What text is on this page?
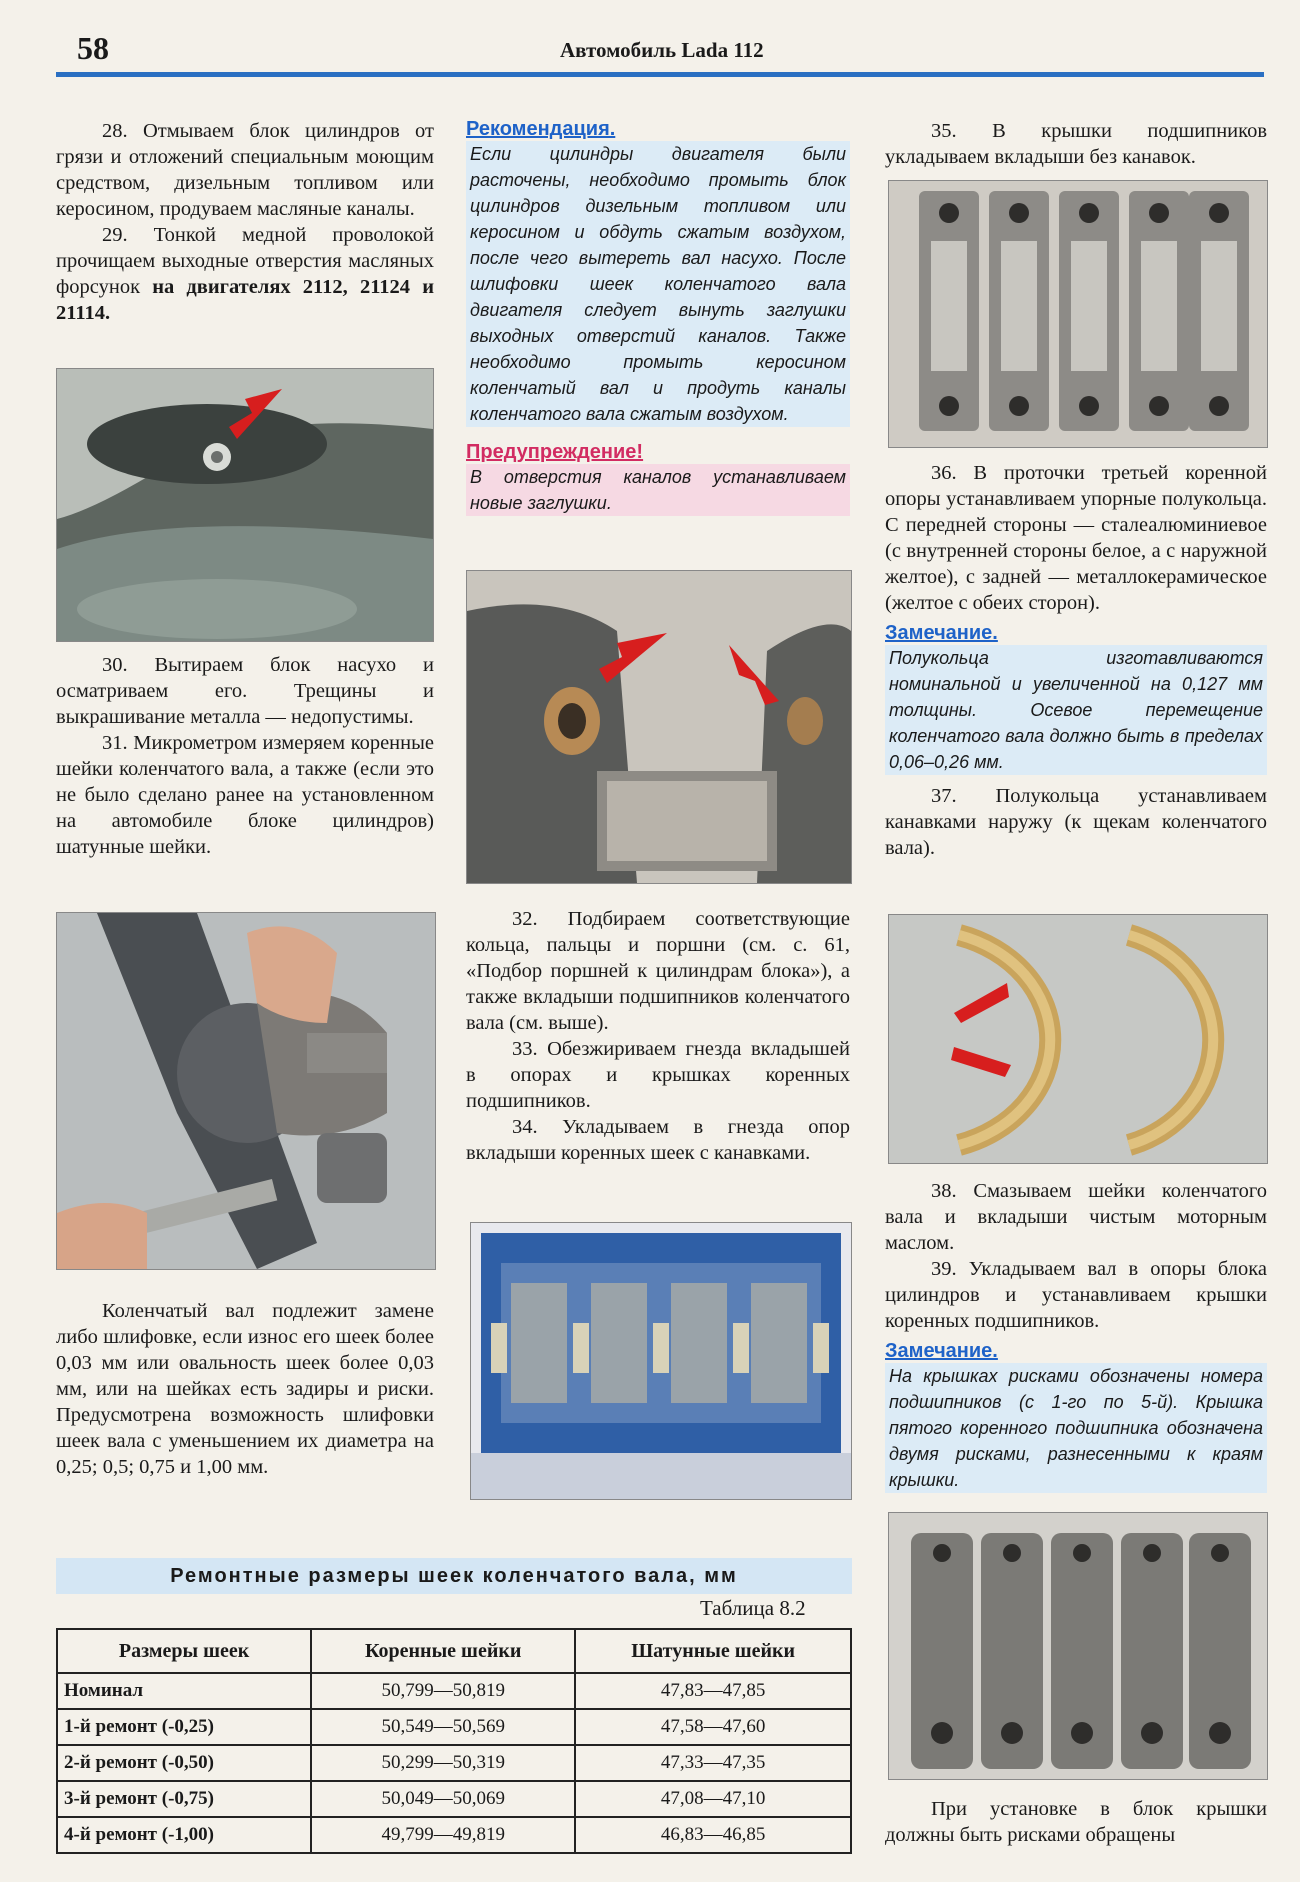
58	Автомобиль Lada 112

28. Отмываем блок цилиндров от грязи и отложений специальным моющим средством, дизельным топливом или керосином, продуваем масляные каналы.

29. Тонкой медной проволокой прочищаем выходные отверстия масляных форсунок на двигателях 2112, 21124 и 21114.

30. Вытираем блок насухо и осматриваем его. Трещины и выкрашивание металла — недопустимы.

31. Микрометром измеряем коренные шейки коленчатого вала, а также (если это не было сделано ранее на установленном на автомобиле блоке цилиндров) шатунные шейки.

Коленчатый вал подлежит замене либо шлифовке, если износ его шеек более 0,03 мм или овальность шеек более 0,03 мм, или на шейках есть задиры и риски. Предусмотрена возможность шлифовки шеек вала с уменьшением их диаметра на 0,25; 0,5; 0,75 и 1,00 мм.

Рекомендация.

Если цилиндры двигателя были расточены, необходимо промыть блок цилиндров дизельным топливом или керосином и обдуть сжатым воздухом, после чего вытереть вал насухо. После шлифовки шеек коленчатого вала двигателя следует вынуть заглушки выходных отверстий каналов. Также необходимо промыть керосином коленчатый вал и продуть каналы коленчатого вала сжатым воздухом.

Предупреждение!

В отверстия каналов устанавливаем новые заглушки.

32. Подбираем соответствующие кольца, пальцы и поршни (см. с. 61, «Подбор поршней к цилиндрам блока»), а также вкладыши подшипников коленчатого вала (см. выше).

33. Обезжириваем гнезда вкладышей в опорах и крышках коренных подшипников.

34. Укладываем в гнезда опор вкладыши коренных шеек с канавками.

35. В крышки подшипников укладываем вкладыши без канавок.

36. В проточки третьей коренной опоры устанавливаем упорные полукольца. С передней стороны — сталеалюминиевое (с внутренней стороны белое, а с наружной желтое), с задней — металлокерамическое (желтое с обеих сторон).

Замечание.

Полукольца изготавливаются номинальной и увеличенной на 0,127 мм толщины. Осевое перемещение коленчатого вала должно быть в пределах 0,06–0,26 мм.

37. Полукольца устанавливаем канавками наружу (к щекам коленчатого вала).

38. Смазываем шейки коленчатого вала и вкладыши чистым моторным маслом.

39. Укладываем вал в опоры блока цилиндров и устанавливаем крышки коренных подшипников.

Замечание.

На крышках рисками обозначены номера подшипников (с 1-го по 5-й). Крышка пятого коренного подшипника обозначена двумя рисками, разнесенными к краям крышки.

При установке в блок крышки должны быть рисками обращены

Ремонтные размеры шеек коленчатого вала, мм
Таблица 8.2
Размеры шеек	Коренные шейки	Шатунные шейки
Номинал	50,799—50,819	47,83—47,85
1-й ремонт (-0,25)	50,549—50,569	47,58—47,60
2-й ремонт (-0,50)	50,299—50,319	47,33—47,35
3-й ремонт (-0,75)	50,049—50,069	47,08—47,10
4-й ремонт (-1,00)	49,799—49,819	46,83—46,85
